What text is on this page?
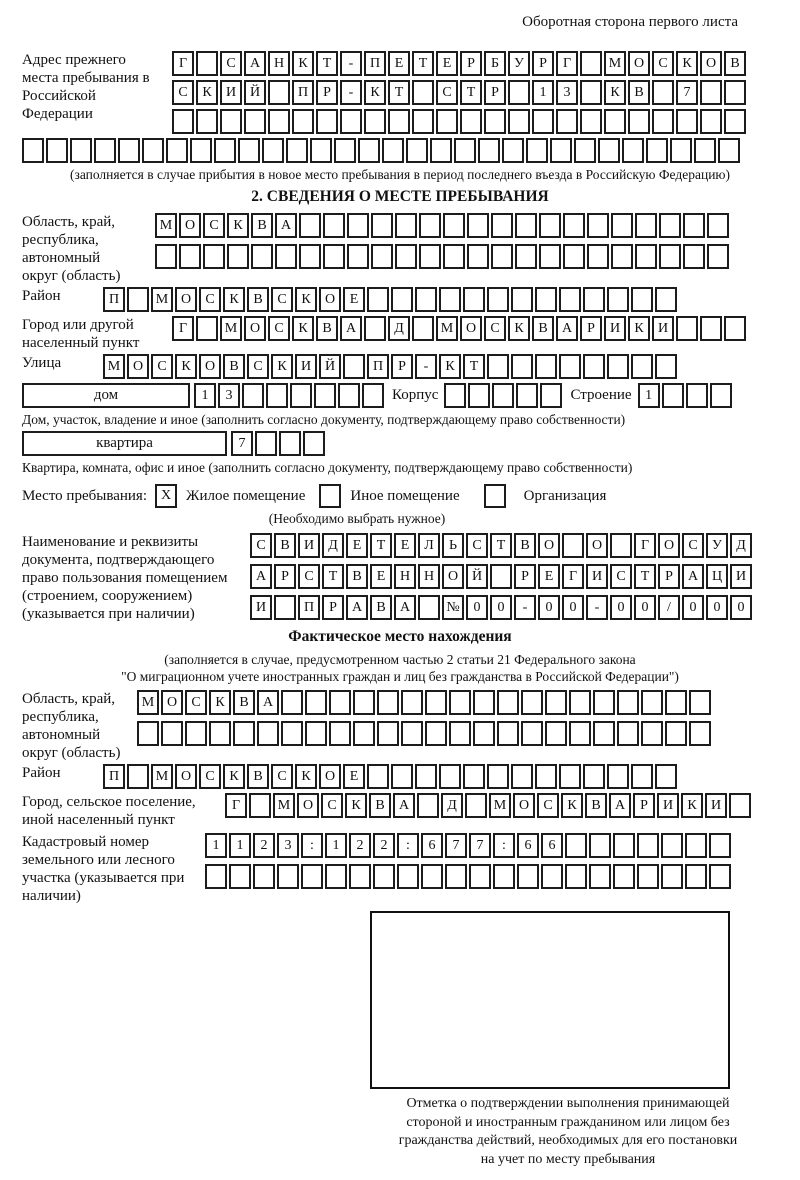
Оборотная сторона первого листа
Адрес прежнего места пребывания в Российской Федерации
Г	С	А Н	К	Т	-	П	Е	Т	Е	Р	Б	У	Р	Г	М О	С	К	О	В
С	К	И Й	П	Р	-	К	Т	С	Т	Р	1	3	К	В	7
(заполняется в случае прибытия в новое место пребывания в период последнего въезда в Российскую Федерацию)
2. СВЕДЕНИЯ О МЕСТЕ ПРЕБЫВАНИЯ
Область, край, республика, автономный округ (область)
М О	С	К	В	А
Район	П	М О	С	К	В	С	К	О	Е
Город или другой населенный пункт
Г	М О	С	К	В	А	Д	М О	С	К	В	А	Р	И	К	И
Улица	М О	С	К	О	В	С	К	И Й	П	Р	-	К	Т
дом	1	3	Корпус	Строение 1
Дом, участок, владение и иное (заполнить согласно документу, подтверждающему право собственности)
квартира	7
Квартира, комната, офис и иное (заполнить согласно документу, подтверждающему право собственности)
Место пребывания: X Жилое помещение	Иное помещение	Организация
(Необходимо выбрать нужное)
Наименование и реквизиты документа, подтверждающего право пользования помещением (строением, сооружением) (указывается при наличии)
С	В	И	Д	Е	Т	Е	Л	Ь	С	Т	В	О	О	Г	О	С	У	Д
А	Р	С	Т	В	Е	Н Н О Й	Р	Е	Г	И	С	Т	Р	А Ц И
И	П	Р	А	В	А	№ 0	0	-	0	0	-	0	0	/	0	0	0
Фактическое место нахождения
(заполняется в случае, предусмотренном частью 2 статьи 21 Федерального закона
"О миграционном учете иностранных граждан и лиц без гражданства в Российской Федерации")
Область, край, республика, автономный округ (область)
М О	С	К	В	А
Район	П	М О	С	К	В	С	К	О	Е
Город, сельское поселение, иной населенный пункт
Г	М О	С	К	В	А	Д	М О	С	К	В	А	Р	И	К	И
Кадастровый номер земельного или лесного участка (указывается при наличии)
1	1	2	3	:	1	2	2	:	6	7	7	:	6	6
Отметка о подтверждении выполнения принимающей
стороной и иностранным гражданином или лицом без
гражданства действий, необходимых для его постановки
на учет по месту пребывания
